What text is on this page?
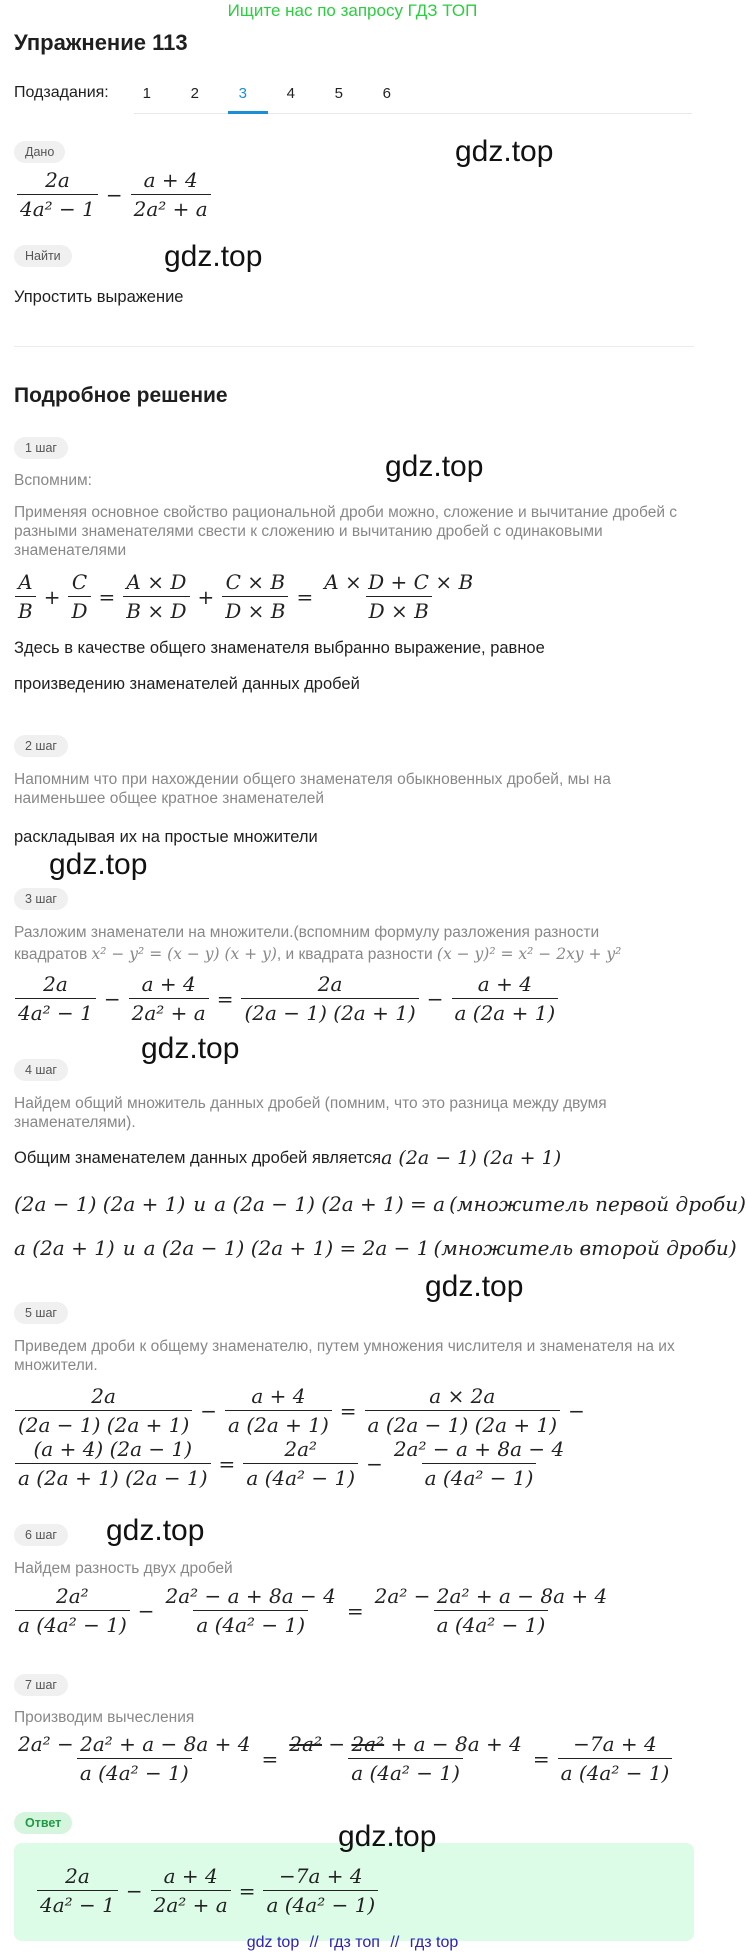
Ищите нас по запросу ГДЗ ТОП
Упражнение 113
Подзадания:	1	2	3	4	5	6
Дано	gdz.top
2a
4a² − 1
− $\frac{a + 4}{\text{2a² + a}}$
Найти	gdz.top

Упростить выражение

Подробное решение
1 шаг
gdz.top

Вспомним:

Применяя основное свойство рациональной дроби можно, сложение и вычитание дробей с разными знаменателями свести к сложению и вычитанию дробей с одинаковыми знаменателями

A
B
+ $\frac{C}{D} = \frac{A \times D}{B \times D} + \frac{C \times B}{D \times B} = \frac{A \times D + C \times B}{D \times B}$

Здесь в качестве общего знаменателя выбранно выражение, равное

произведению знаменателей данных дробей

2 шаг

Напомним что при нахождении общего знаменателя обыкновенных дробей, мы на наименьшее общее кратное знаменателей

раскладывая их на простые множители

gdz.top
3 шаг

Разложим знаменатели на множители.(вспомним формулу разложения разности

квадратов x² − y² = (x − y) (x + y), и квадрата разности (x − y)² = x² − 2xy + y²

2a
4a² − 1
− $\frac{a + 4}{\text{2a² + a}} = \frac{2a}{(2a - 1) (2a + 1)} - \frac{a + 4}{a (2a + 1)}$
gdz.top
4 шаг

Найдем общий множитель данных дробей (помним, что это разница между двумя знаменателями).

Общим знаменателем данных дробей является a (2a − 1) (2a + 1)
(2a − 1) (2a + 1) и a (2a − 1) (2a + 1) = a (множитель первой дроби)
a (2a + 1) и a (2a − 1) (2a + 1) = 2a − 1 (множитель второй дроби)
gdz.top
5 шаг

Приведем дроби к общему знаменателю, путем умножения числителя и знаменателя на их множители.

2a
(2a − 1) (2a + 1)
− $\frac{a + 4}{a (2a + 1)} = \frac{a \times 2a}{a (2a - 1) (2a + 1)}$ −
$\frac{(a + 4) (2a - 1)}{a (2a + 1) (2a - 1)} = \frac{\text{2a²}}{\text{a (4a² − 1)}} - \frac{\text{2a² − a + 8a − 4}}{\text{a (4a² − 1)}}$
6 шаг	gdz.top

Найдем разность двух дробей

2a²
a (4a² − 1)
− $\frac{\text{2a² − a + 8a − 4}}{\text{a (4a² − 1)}} = \frac{\text{2a² − 2a² + a − 8a + 4}}{\text{a (4a² − 1)}}$
7 шаг

Производим вычесления

$\frac{\text{2a² − 2a² + a − 8a + 4}}{\text{a (4a² − 1)}} = \frac{\text{2a² − 2a² + a − 8a + 4}}{\text{a (4a² − 1)}} = \frac{-7a + 4}{\text{a (4a² − 1)}}$
Ответ	gdz.top
2a
4a² − 1
− $\frac{a + 4}{\text{2a² + a}} = \frac{-7a + 4}{\text{a (4a² − 1)}}$
gdz top // гдз топ // гдз top
